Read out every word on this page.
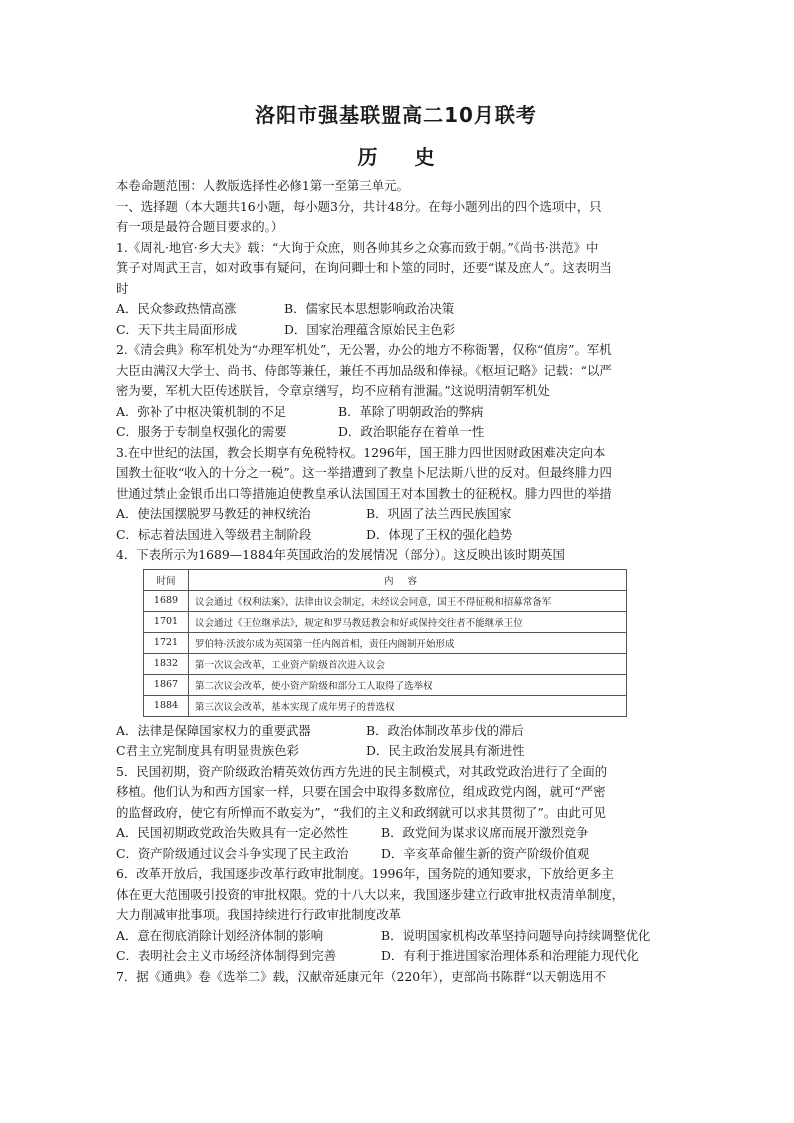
洛阳市强基联盟高二10月联考
历 史

本卷命题范围：人教版选择性必修1第一至第三单元。

一、选择题（本大题共16小题，每小题3分，共计48分。在每小题列出的四个选项中，只

有一项是最符合题目要求的。）

1.《周礼·地官·乡大夫》载：“大询于众庶，则各帅其乡之众寡而致于朝。”《尚书·洪范》中

箕子对周武王言，如对政事有疑问，在询问卿士和卜筮的同时，还要“谋及庶人”。这表明当

时

A．民众参政热情高涨	B．儒家民本思想影响政治决策

C．天下共主局面形成	D．国家治理蕴含原始民主色彩

2.《清会典》称军机处为“办理军机处”，无公署，办公的地方不称衙署，仅称“值房”。军机

大臣由满汉大学士、尚书、侍郎等兼任，兼任不再加品级和俸禄。《枢垣记略》记载：“以严

密为要，军机大臣传述朕旨，令章京缮写，均不应稍有泄漏。”这说明清朝军机处

A．弥补了中枢决策机制的不足	B．革除了明朝政治的弊病

C．服务于专制皇权强化的需要	D．政治职能存在着单一性

3.在中世纪的法国，教会长期享有免税特权。1296年，国王腓力四世因财政困难决定向本

国教士征收“收入的十分之一税”。这一举措遭到了教皇卜尼法斯八世的反对。但最终腓力四

世通过禁止金银币出口等措施迫使教皇承认法国国王对本国教士的征税权。腓力四世的举措

A．使法国摆脱罗马教廷的神权统治	B．巩固了法兰西民族国家

C．标志着法国进入等级君主制阶段	D．体现了王权的强化趋势

4．下表所示为1689—1884年英国政治的发展情况（部分）。这反映出该时期英国

时间	内容
1689	议会通过《权利法案》，法律由议会制定，未经议会同意，国王不得征税和招募常备军
1701	议会通过《王位继承法》，规定和罗马教廷教会和好或保持交往者不能继承王位
1721	罗伯特·沃波尔成为英国第一任内阁首相，责任内阁制开始形成
1832	第一次议会改革，工业资产阶级首次进入议会
1867	第二次议会改革，使小资产阶级和部分工人取得了选举权
1884	第三次议会改革，基本实现了成年男子的普选权

A．法律是保障国家权力的重要武器	B．政治体制改革步伐的滞后

C君主立宪制度具有明显贵族色彩	D．民主政治发展具有渐进性

5．民国初期，资产阶级政治精英效仿西方先进的民主制模式，对其政党政治进行了全面的

移植。他们认为和西方国家一样，只要在国会中取得多数席位，组成政党内阁，就可“严密

的监督政府，使它有所惮而不敢妄为”，“我们的主义和政纲就可以求其贯彻了”。由此可见

A．民国初期政党政治失败具有一定必然性	B．政党间为谋求议席而展开激烈竞争

C．资产阶级通过议会斗争实现了民主政治	D．辛亥革命催生新的资产阶级价值观

6．改革开放后，我国逐步改革行政审批制度。1996年，国务院的通知要求，下放给更多主

体在更大范围吸引投资的审批权限。党的十八大以来，我国逐步建立行政审批权责清单制度，

大力削减审批事项。我国持续进行行政审批制度改革

A．意在彻底消除计划经济体制的影响	B．说明国家机构改革坚持问题导向持续调整优化

C．表明社会主义市场经济体制得到完善	D．有利于推进国家治理体系和治理能力现代化

7．据《通典》卷《选举二》载，汉献帝延康元年（220年），吏部尚书陈群“以天朝选用不
